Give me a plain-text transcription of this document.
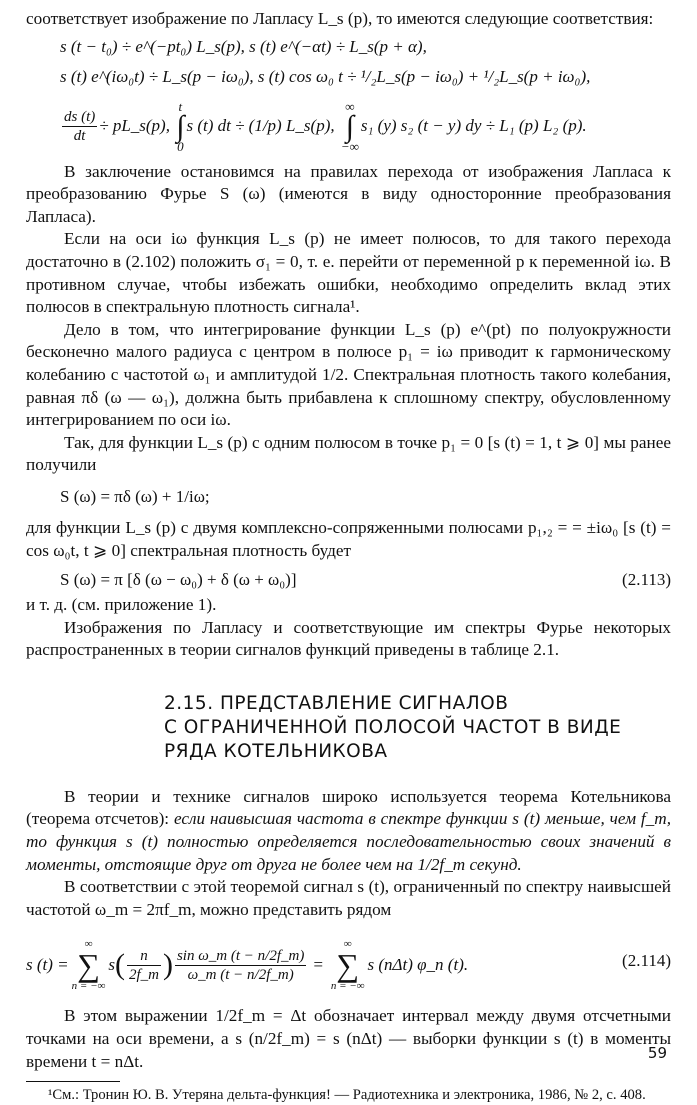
соответствует изображение по Лапласу L_s (p), то имеются следующие соответствия:

s (t − t₀) ÷ e^(−pt₀) L_s(p), s (t) e^(−αt) ÷ L_s(p + α),

s (t) e^(iω₀t) ÷ L_s(p − iω₀), s (t) cos ω₀ t ÷ ¹/₂L_s(p − iω₀) + ¹/₂L_s(p + iω₀),

$\frac{ds (t)}{dt}$ ÷ pL_s(p), t
∫
0s (t) dt ÷ (1/p) L_s(p), ∞
∫
−∞s₁ (y) s₂ (t − y) dy ÷ L₁ (p) L₂ (p).

В заключение остановимся на правилах перехода от изображения Лапласа к преобразованию Фурье S (ω) (имеются в виду односторонние преобразования Лапласа).

Если на оси iω функция L_s (p) не имеет полюсов, то для такого перехода достаточно в (2.102) положить σ₁ = 0, т. е. перейти от переменной p к переменной iω. В противном случае, чтобы избежать ошибки, необходимо определить вклад этих полюсов в спектральную плотность сигнала¹.

Дело в том, что интегрирование функции L_s (p) e^(pt) по полуокружности бесконечно малого радиуса с центром в полюсе p₁ = iω приводит к гармоническому колебанию с частотой ω₁ и амплитудой 1/2. Спектральная плотность такого колебания, равная πδ (ω — ω₁), должна быть прибавлена к сплошному спектру, обусловленному интегрированием по оси iω.

Так, для функции L_s (p) с одним полюсом в точке p₁ = 0 [s (t) = 1, t ⩾ 0] мы ранее получили

S (ω) = πδ (ω) + 1/iω;

для функции L_s (p) с двумя комплексно-сопряженными полюсами p₁,₂ = = ±iω₀ [s (t) = cos ω₀t, t ⩾ 0] спектральная плотность будет

S (ω) = π [δ (ω − ω₀) + δ (ω + ω₀)]	(2.113)

и т. д. (см. приложение 1).

Изображения по Лапласу и соответствующие им спектры Фурье некоторых распространенных в теории сигналов функций приведены в таблице 2.1.

2.15. ПРЕДСТАВЛЕНИЕ СИГНАЛОВ
С ОГРАНИЧЕННОЙ ПОЛОСОЙ ЧАСТОТ В ВИДЕ
РЯДА КОТЕЛЬНИКОВА

В теории и технике сигналов широко используется теорема Котельникова (теорема отсчетов): если наивысшая частота в спектре функции s (t) меньше, чем f_m, то функция s (t) полностью определяется последовательностью своих значений в моменты, отстоящие друг от друга не более чем на 1/2f_m секунд.

В соответствии с этой теоремой сигнал s (t), ограниченный по спектру наивысшей частотой ω_m = 2πf_m, можно представить рядом

s (t) =
∞
∑
n = −∞
s ( $\frac{n}{2f\_m}$ ) $\frac{\text{sin ω\_m (t − n/2f\_m)}}{\omega\_m (t - n/2f\_m)}$ =
∞
∑
n = −∞
s (nΔt) φ_n (t).	(2.114)

В этом выражении 1/2f_m = Δt обозначает интервал между двумя отсчетными точками на оси времени, а s (n/2f_m) = s (nΔt) — выборки функции s (t) в моменты времени t = nΔt.

¹См.: Тронин Ю. В. Утеряна дельта-функция! — Радиотехника и электроника, 1986, № 2, с. 408.

59
